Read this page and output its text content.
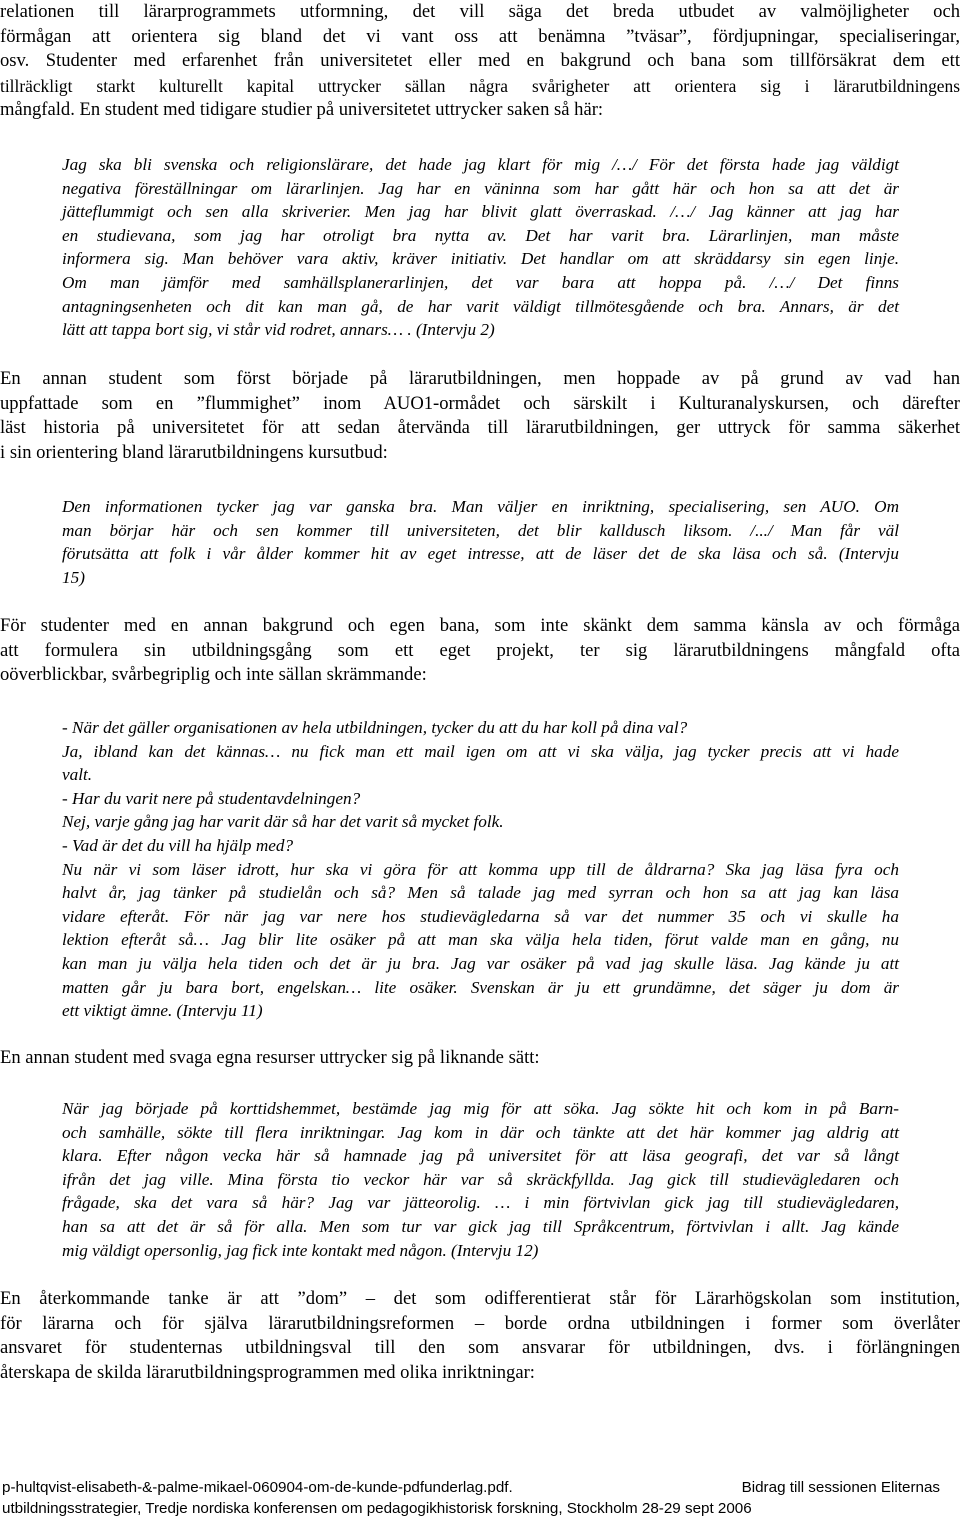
relationen till lärarprogrammets utformning, det vill säga det breda utbudet av valmöjligheter och
förmågan att orientera sig bland det vi vant oss att benämna ”tväsar”, fördjupningar, specialiseringar,
osv. Studenter med erfarenhet från universitetet eller med en bakgrund och bana som tillförsäkrat dem ett
tillräckligt starkt kulturellt kapital uttrycker sällan några svårigheter att orientera sig i lärarutbildningens
mångfald. En student med tidigare studier på universitetet uttrycker saken så här:
Jag ska bli svenska och religionslärare, det hade jag klart för mig /…/ För det första hade jag väldigt
negativa föreställningar om lärarlinjen. Jag har en väninna som har gått här och hon sa att det är
jätteflummigt och sen alla skriverier. Men jag har blivit glatt överraskad. /…/ Jag känner att jag har
en studievana, som jag har otroligt bra nytta av. Det har varit bra. Lärarlinjen, man måste
informera sig. Man behöver vara aktiv, kräver initiativ. Det handlar om att skräddarsy sin egen linje.
Om man jämför med samhällsplanerarlinjen, det var bara att hoppa på. /…/ Det finns
antagningsenheten och dit kan man gå, de har varit väldigt tillmötesgående och bra. Annars, är det
lätt att tappa bort sig, vi står vid rodret, annars… . (Intervju 2)
En annan student som först började på lärarutbildningen, men hoppade av på grund av vad han
uppfattade som en ”flummighet” inom AUO1-ormådet och särskilt i Kulturanalyskursen, och därefter
läst historia på universitetet för att sedan återvända till lärarutbildningen, ger uttryck för samma säkerhet
i sin orientering bland lärarutbildningens kursutbud:
Den informationen tycker jag var ganska bra. Man väljer en inriktning, specialisering, sen AUO. Om
man börjar här och sen kommer till universiteten, det blir kalldusch liksom. /.../ Man får väl
förutsätta att folk i vår ålder kommer hit av eget intresse, att de läser det de ska läsa och så. (Intervju
15)
För studenter med en annan bakgrund och egen bana, som inte skänkt dem samma känsla av och förmåga
att formulera sin utbildningsgång som ett eget projekt, ter sig lärarutbildningens mångfald ofta
oöverblickbar, svårbegriplig och inte sällan skrämmande:
- När det gäller organisationen av hela utbildningen, tycker du att du har koll på dina val?
Ja, ibland kan det kännas… nu fick man ett mail igen om att vi ska välja, jag tycker precis att vi hade
valt.
- Har du varit nere på studentavdelningen?
Nej, varje gång jag har varit där så har det varit så mycket folk.
- Vad är det du vill ha hjälp med?
Nu när vi som läser idrott, hur ska vi göra för att komma upp till de åldrarna? Ska jag läsa fyra och
halvt år, jag tänker på studielån och så? Men så talade jag med syrran och hon sa att jag kan läsa
vidare efteråt. För när jag var nere hos studievägledarna så var det nummer 35 och vi skulle ha
lektion efteråt så… Jag blir lite osäker på att man ska välja hela tiden, förut valde man en gång, nu
kan man ju välja hela tiden och det är ju bra. Jag var osäker på vad jag skulle läsa. Jag kände ju att
matten går ju bara bort, engelskan… lite osäker. Svenskan är ju ett grundämne, det säger ju dom är
ett viktigt ämne. (Intervju 11)
En annan student med svaga egna resurser uttrycker sig på liknande sätt:
När jag började på korttidshemmet, bestämde jag mig för att söka. Jag sökte hit och kom in på Barn-
och samhälle, sökte till flera inriktningar. Jag kom in där och tänkte att det här kommer jag aldrig att
klara. Efter någon vecka här så hamnade jag på universitet för att läsa geografi, det var så långt
ifrån det jag ville. Mina första tio veckor här var så skräckfyllda. Jag gick till studievägledaren och
frågade, ska det vara så här? Jag var jätteorolig. … i min förtvivlan gick jag till studievägledaren,
han sa att det är så för alla. Men som tur var gick jag till Språkcentrum, förtvivlan i allt. Jag kände
mig väldigt opersonlig, jag fick inte kontakt med någon. (Intervju 12)
En återkommande tanke är att ”dom” – det som odifferentierat står för Lärarhögskolan som institution,
för lärarna och för själva lärarutbildningsreformen – borde ordna utbildningen i former som överlåter
ansvaret för studenternas utbildningsval till den som ansvarar för utbildningen, dvs. i förlängningen
återskapa de skilda lärarutbildningsprogrammen med olika inriktningar:
p-hultqvist-elisabeth-&-palme-mikael-060904-om-de-kunde-pdfunderlag.pdf.	Bidrag till sessionen Eliternas
utbildningsstrategier, Tredje nordiska konferensen om pedagogikhistorisk forskning, Stockholm 28-29 sept 2006
